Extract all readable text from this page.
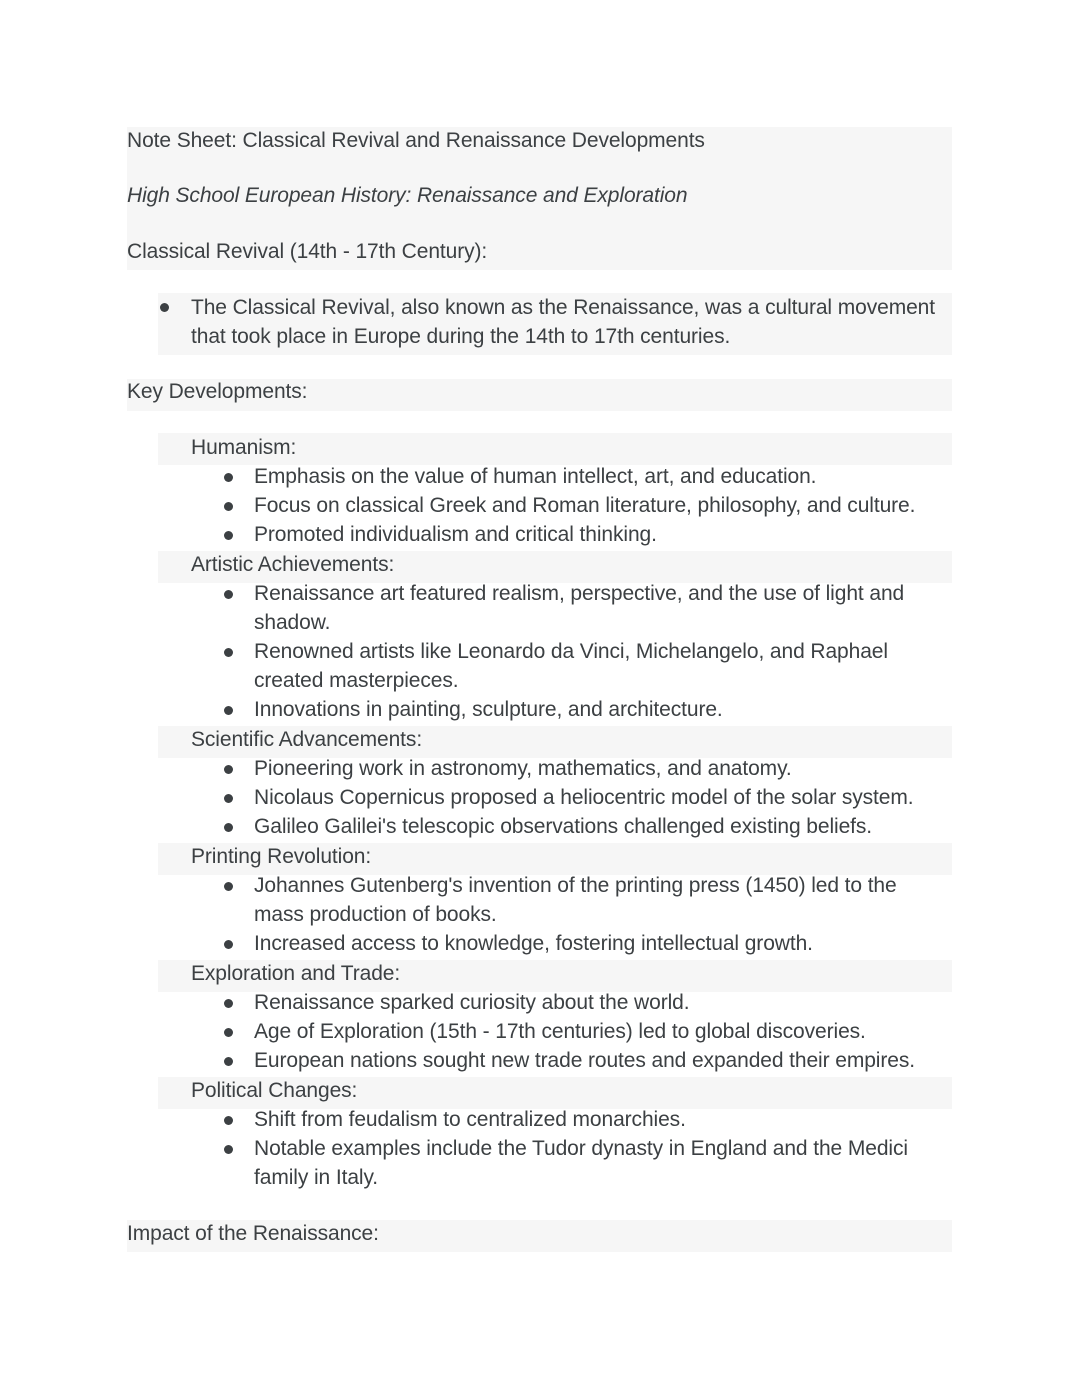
Note Sheet: Classical Revival and Renaissance Developments
High School European History: Renaissance and Exploration
Classical Revival (14th - 17th Century):
The Classical Revival, also known as the Renaissance, was a cultural movement
that took place in Europe during the 14th to 17th centuries.
Key Developments:
Humanism:
Emphasis on the value of human intellect, art, and education.
Focus on classical Greek and Roman literature, philosophy, and culture.
Promoted individualism and critical thinking.
Artistic Achievements:
Renaissance art featured realism, perspective, and the use of light and
shadow.
Renowned artists like Leonardo da Vinci, Michelangelo, and Raphael
created masterpieces.
Innovations in painting, sculpture, and architecture.
Scientific Advancements:
Pioneering work in astronomy, mathematics, and anatomy.
Nicolaus Copernicus proposed a heliocentric model of the solar system.
Galileo Galilei's telescopic observations challenged existing beliefs.
Printing Revolution:
Johannes Gutenberg's invention of the printing press (1450) led to the
mass production of books.
Increased access to knowledge, fostering intellectual growth.
Exploration and Trade:
Renaissance sparked curiosity about the world.
Age of Exploration (15th - 17th centuries) led to global discoveries.
European nations sought new trade routes and expanded their empires.
Political Changes:
Shift from feudalism to centralized monarchies.
Notable examples include the Tudor dynasty in England and the Medici
family in Italy.
Impact of the Renaissance:
